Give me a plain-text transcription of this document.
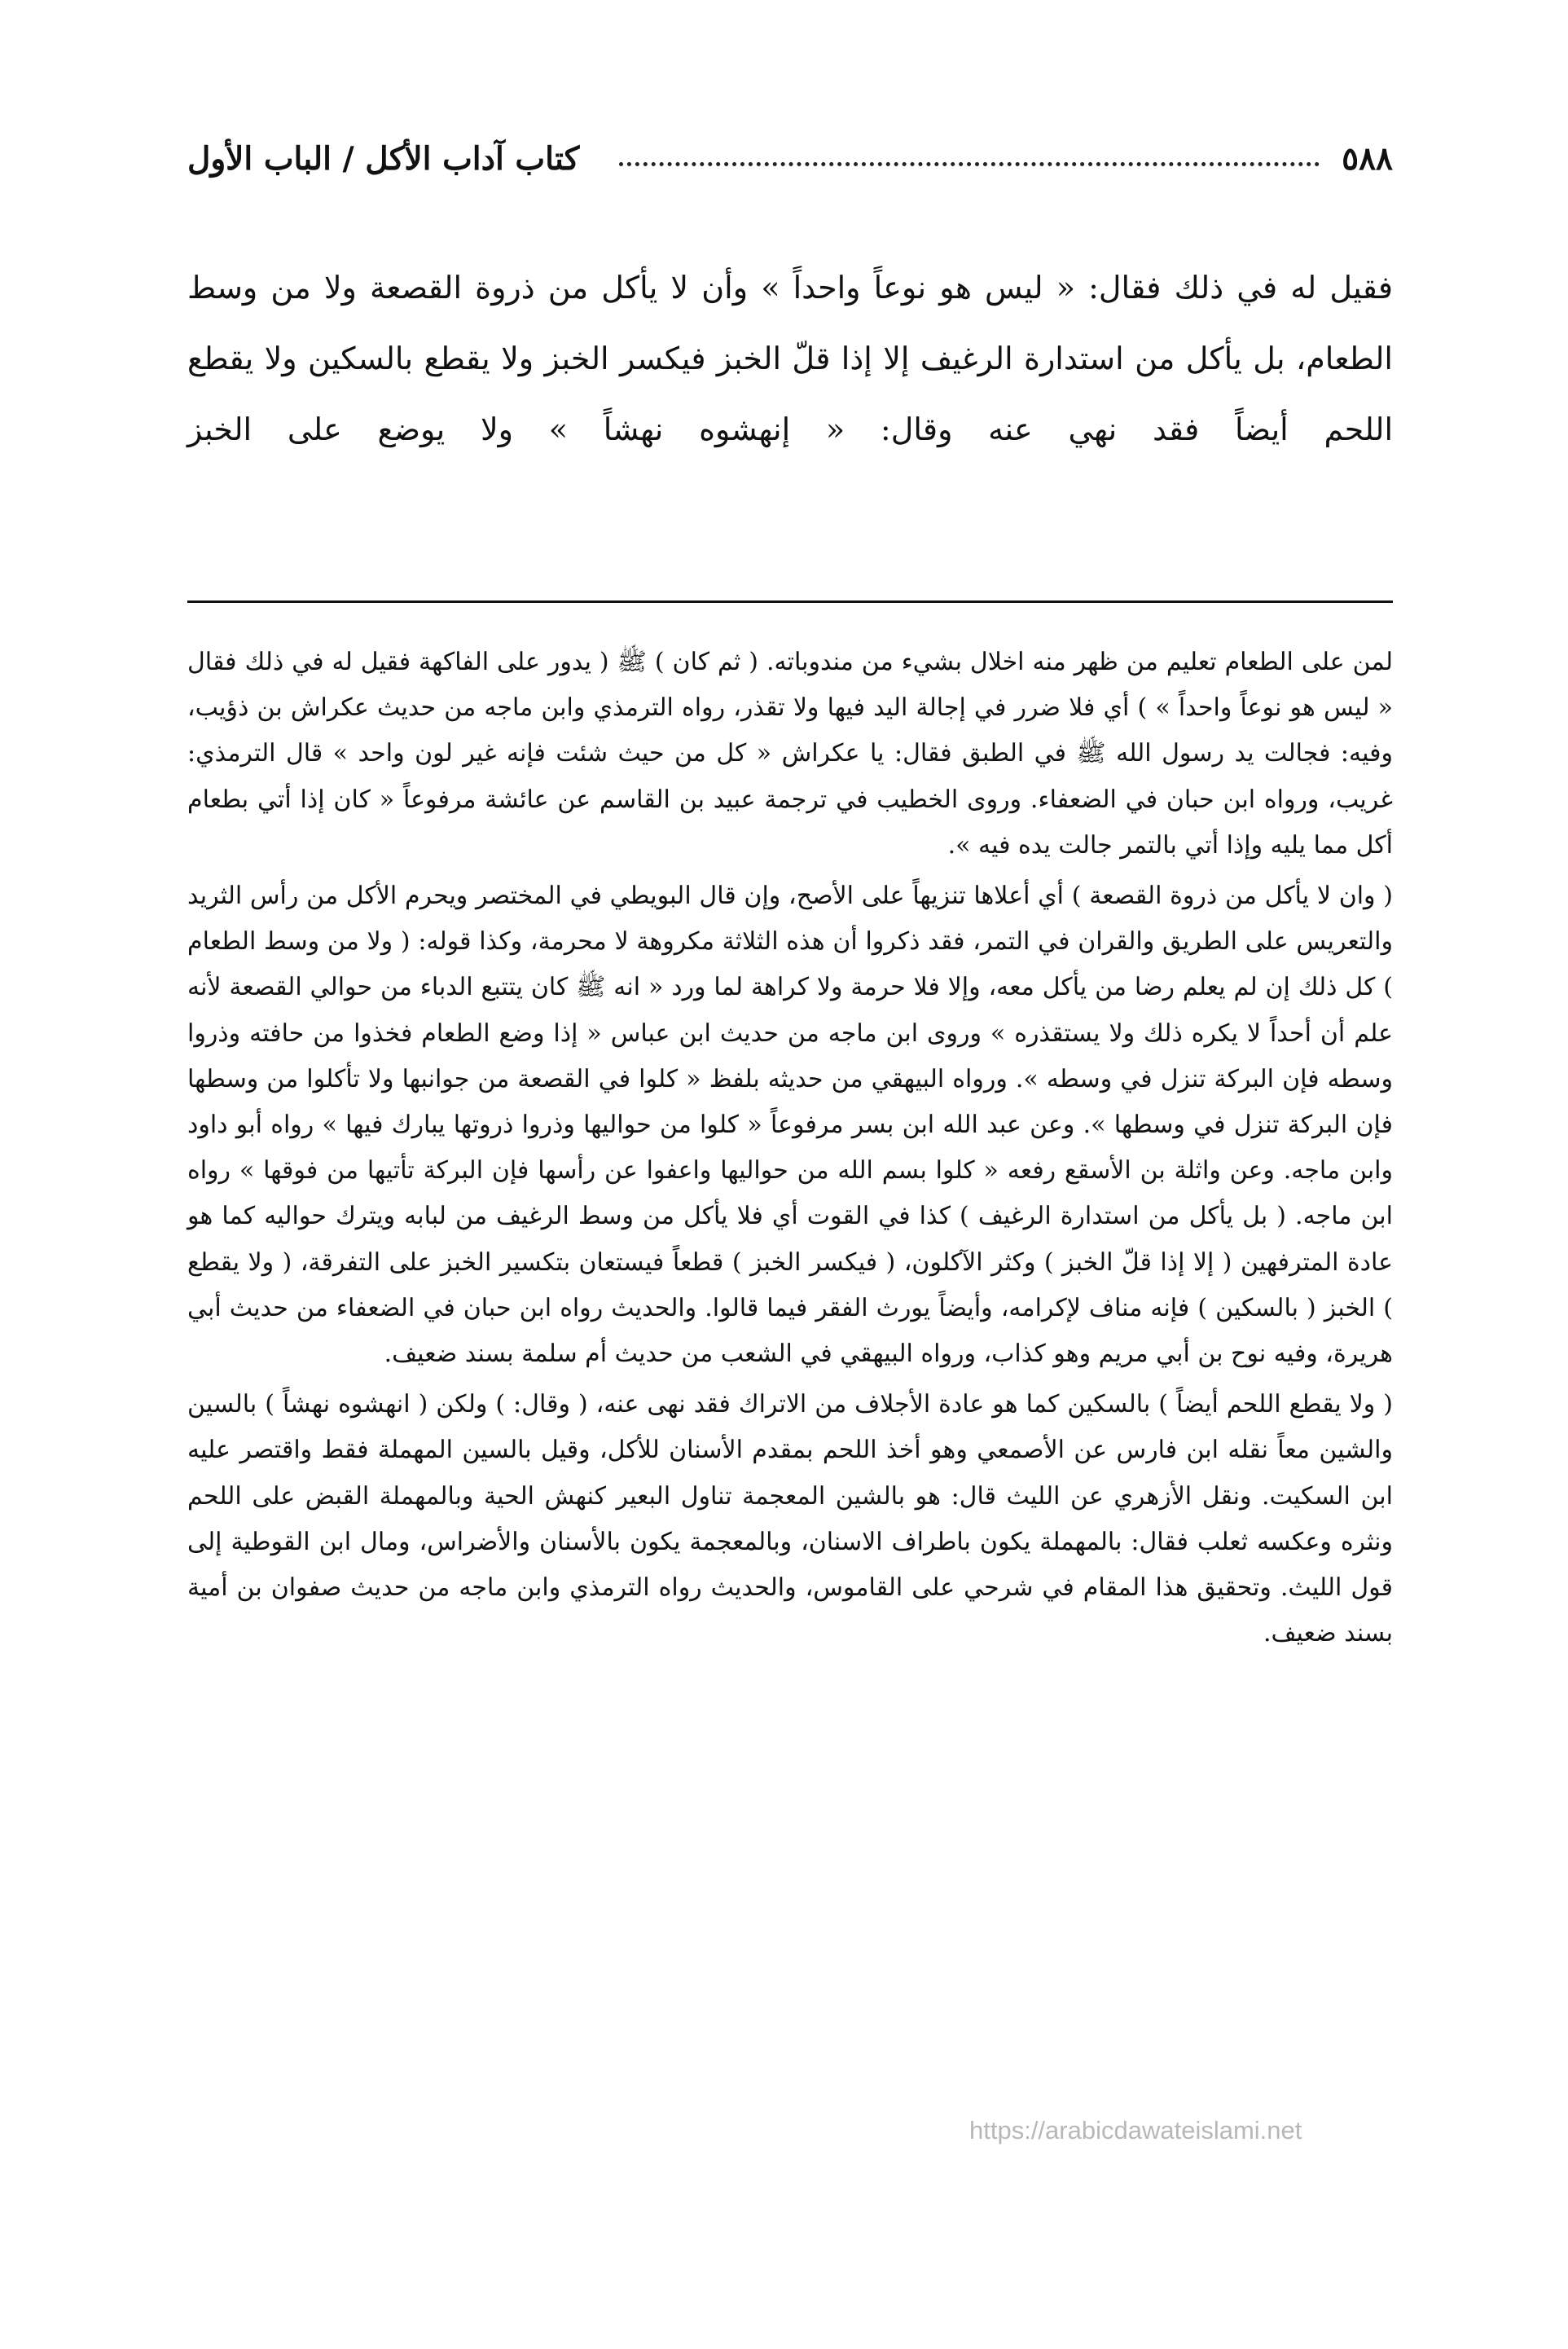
٥٨٨
كتاب آداب الأكل / الباب الأول

فقيل له في ذلك فقال: « ليس هو نوعاً واحداً » وأن لا يأكل من ذروة القصعة ولا من وسط الطعام، بل يأكل من استدارة الرغيف إلا إذا قلّ الخبز فيكسر الخبز ولا يقطع بالسكين ولا يقطع اللحم أيضاً فقد نهي عنه وقال: « إنهشوه نهشاً » ولا يوضع على الخبز

لمن على الطعام تعليم من ظهر منه اخلال بشيء من مندوباته. ( ثم كان ) ﷺ ( يدور على الفاكهة فقيل له في ذلك فقال « ليس هو نوعاً واحداً » ) أي فلا ضرر في إجالة اليد فيها ولا تقذر، رواه الترمذي وابن ماجه من حديث عكراش بن ذؤيب، وفيه: فجالت يد رسول الله ﷺ في الطبق فقال: يا عكراش « كل من حيث شئت فإنه غير لون واحد » قال الترمذي: غريب، ورواه ابن حبان في الضعفاء. وروى الخطيب في ترجمة عبيد بن القاسم عن عائشة مرفوعاً « كان إذا أتي بطعام أكل مما يليه وإذا أتي بالتمر جالت يده فيه ».

( وان لا يأكل من ذروة القصعة ) أي أعلاها تنزيهاً على الأصح، وإن قال البويطي في المختصر ويحرم الأكل من رأس الثريد والتعريس على الطريق والقران في التمر، فقد ذكروا أن هذه الثلاثة مكروهة لا محرمة، وكذا قوله: ( ولا من وسط الطعام ) كل ذلك إن لم يعلم رضا من يأكل معه، وإلا فلا حرمة ولا كراهة لما ورد « انه ﷺ كان يتتبع الدباء من حوالي القصعة لأنه علم أن أحداً لا يكره ذلك ولا يستقذره » وروى ابن ماجه من حديث ابن عباس « إذا وضع الطعام فخذوا من حافته وذروا وسطه فإن البركة تنزل في وسطه ». ورواه البيهقي من حديثه بلفظ « كلوا في القصعة من جوانبها ولا تأكلوا من وسطها فإن البركة تنزل في وسطها ». وعن عبد الله ابن بسر مرفوعاً « كلوا من حواليها وذروا ذروتها يبارك فيها » رواه أبو داود وابن ماجه. وعن واثلة بن الأسقع رفعه « كلوا بسم الله من حواليها واعفوا عن رأسها فإن البركة تأتيها من فوقها » رواه ابن ماجه. ( بل يأكل من استدارة الرغيف ) كذا في القوت أي فلا يأكل من وسط الرغيف من لبابه ويترك حواليه كما هو عادة المترفهين ( إلا إذا قلّ الخبز ) وكثر الآكلون، ( فيكسر الخبز ) قطعاً فيستعان بتكسير الخبز على التفرقة، ( ولا يقطع ) الخبز ( بالسكين ) فإنه مناف لإكرامه، وأيضاً يورث الفقر فيما قالوا. والحديث رواه ابن حبان في الضعفاء من حديث أبي هريرة، وفيه نوح بن أبي مريم وهو كذاب، ورواه البيهقي في الشعب من حديث أم سلمة بسند ضعيف.

( ولا يقطع اللحم أيضاً ) بالسكين كما هو عادة الأجلاف من الاتراك فقد نهى عنه، ( وقال: ) ولكن ( انهشوه نهشاً ) بالسين والشين معاً نقله ابن فارس عن الأصمعي وهو أخذ اللحم بمقدم الأسنان للأكل، وقيل بالسين المهملة فقط واقتصر عليه ابن السكيت. ونقل الأزهري عن الليث قال: هو بالشين المعجمة تناول البعير كنهش الحية وبالمهملة القبض على اللحم ونثره وعكسه ثعلب فقال: بالمهملة يكون باطراف الاسنان، وبالمعجمة يكون بالأسنان والأضراس، ومال ابن القوطية إلى قول الليث. وتحقيق هذا المقام في شرحي على القاموس، والحديث رواه الترمذي وابن ماجه من حديث صفوان بن أمية بسند ضعيف.

https://arabicdawateislami.net
